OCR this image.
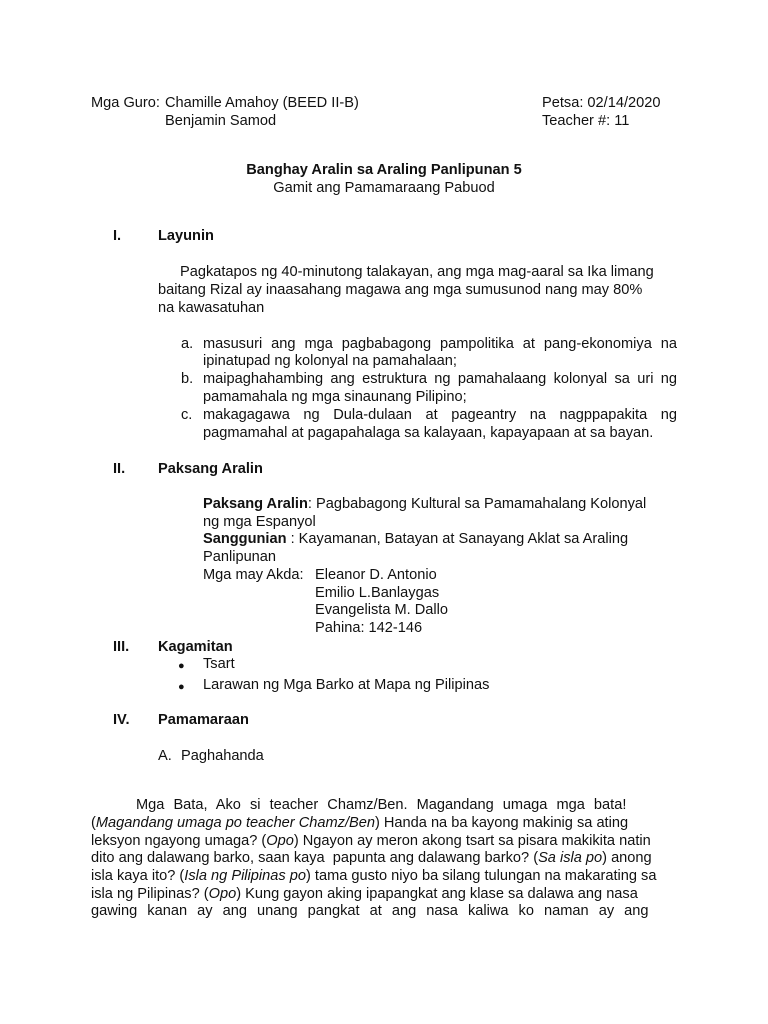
Mga Guro: Chamille Amahoy (BEED II-B)
Benjamin Samod
Petsa: 02/14/2020
Teacher #: 11
Banghay Aralin sa Araling Panlipunan 5
Gamit ang Pamamaraang Pabuod
I.	Layunin
Pagkatapos ng 40-minutong talakayan, ang mga mag-aaral sa Ika limang
baitang Rizal ay inaasahang magawa ang mga sumusunod nang may 80%
na kawasatuhan
a. masusuri ang mga pagbabagong pampolitika at pang-ekonomiya na
ipinatupad ng kolonyal na pamahalaan;
b. maipaghahambing ang estruktura ng pamahalaang kolonyal sa uri ng
pamamahala ng mga sinaunang Pilipino;
c. makagagawa ng Dula-dulaan at pageantry na nagppapakita ng
pagmamahal at pagapahalaga sa kalayaan, kapayapaan at sa bayan.
II. Paksang Aralin
Paksang Aralin: Pagbabagong Kultural sa Pamamahalang Kolonyal
ng mga Espanyol
Sanggunian : Kayamanan, Batayan at Sanayang Aklat sa Araling
Panlipunan
Mga may Akda: Eleanor D. Antonio
Emilio L.Banlaygas
Evangelista M. Dallo
Pahina: 142-146
III. Kagamitan
● Tsart
● Larawan ng Mga Barko at Mapa ng Pilipinas
IV. Pamamaraan
A. Paghahanda
Mga Bata, Ako si teacher Chamz/Ben. Magandang umaga mga bata!
(Magandang umaga po teacher Chamz/Ben) Handa na ba kayong makinig sa ating
leksyon ngayong umaga? (Opo) Ngayon ay meron akong tsart sa pisara makikita natin
dito ang dalawang barko, saan kaya  papunta ang dalawang barko? (Sa isla po) anong
isla kaya ito? (Isla ng Pilipinas po) tama gusto niyo ba silang tulungan na makarating sa
isla ng Pilipinas? (Opo) Kung gayon aking ipapangkat ang klase sa dalawa ang nasa
gawing kanan ay ang unang pangkat at ang nasa kaliwa ko naman ay ang
